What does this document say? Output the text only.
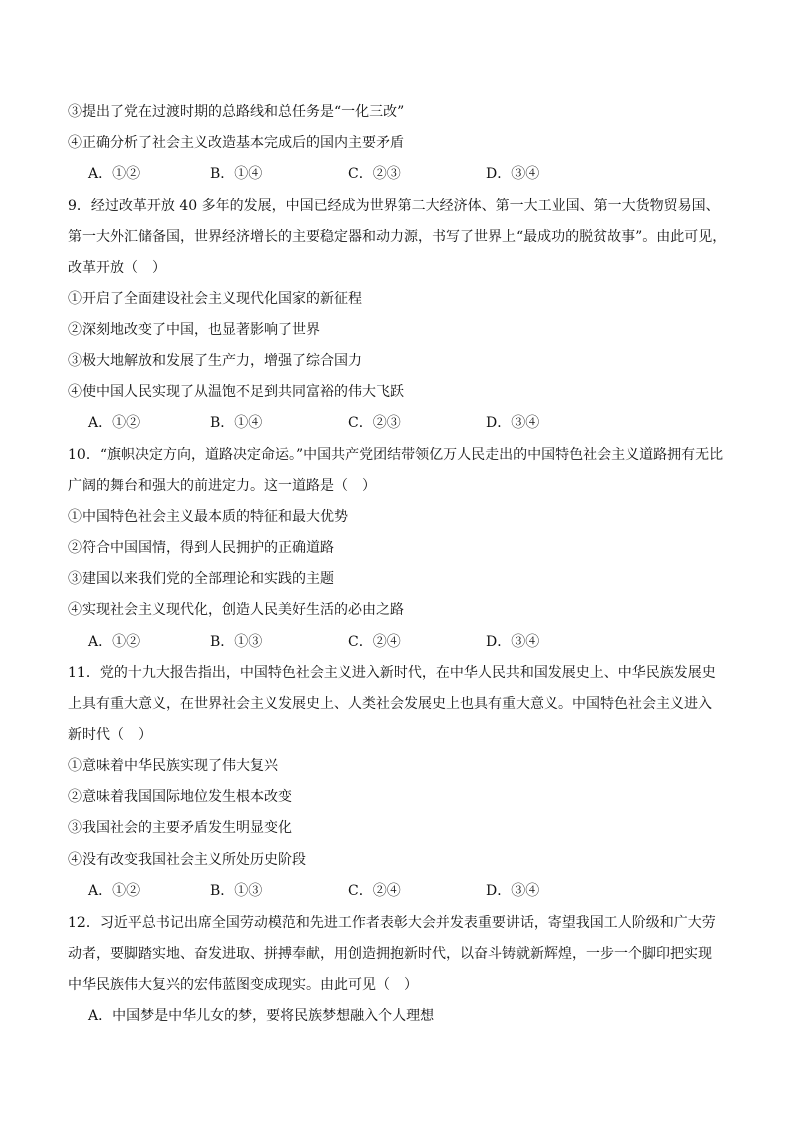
③提出了党在过渡时期的总路线和总任务是“一化三改”
④正确分析了社会主义改造基本完成后的国内主要矛盾
A．①②	B．①④	C．②③	D．③④
9．经过改革开放 40 多年的发展，中国已经成为世界第二大经济体、第一大工业国、第一大货物贸易国、
第一大外汇储备国，世界经济增长的主要稳定器和动力源，书写了世界上“最成功的脱贫故事”。由此可见，
改革开放（　）
①开启了全面建设社会主义现代化国家的新征程
②深刻地改变了中国，也显著影响了世界
③极大地解放和发展了生产力，增强了综合国力
④使中国人民实现了从温饱不足到共同富裕的伟大飞跃
A．①②	B．①④	C．②③	D．③④
10．“旗帜决定方向，道路决定命运。”中国共产党团结带领亿万人民走出的中国特色社会主义道路拥有无比
广阔的舞台和强大的前进定力。这一道路是（　）
①中国特色社会主义最本质的特征和最大优势
②符合中国国情，得到人民拥护的正确道路
③建国以来我们党的全部理论和实践的主题
④实现社会主义现代化，创造人民美好生活的必由之路
A．①②	B．①③	C．②④	D．③④
11．党的十九大报告指出，中国特色社会主义进入新时代，在中华人民共和国发展史上、中华民族发展史
上具有重大意义，在世界社会主义发展史上、人类社会发展史上也具有重大意义。中国特色社会主义进入
新时代（　）
①意味着中华民族实现了伟大复兴
②意味着我国国际地位发生根本改变
③我国社会的主要矛盾发生明显变化
④没有改变我国社会主义所处历史阶段
A．①②	B．①③	C．②④	D．③④
12．习近平总书记出席全国劳动模范和先进工作者表彰大会并发表重要讲话，寄望我国工人阶级和广大劳
动者，要脚踏实地、奋发进取、拼搏奉献，用创造拥抱新时代，以奋斗铸就新辉煌，一步一个脚印把实现
中华民族伟大复兴的宏伟蓝图变成现实。由此可见（　）
A．中国梦是中华儿女的梦，要将民族梦想融入个人理想
